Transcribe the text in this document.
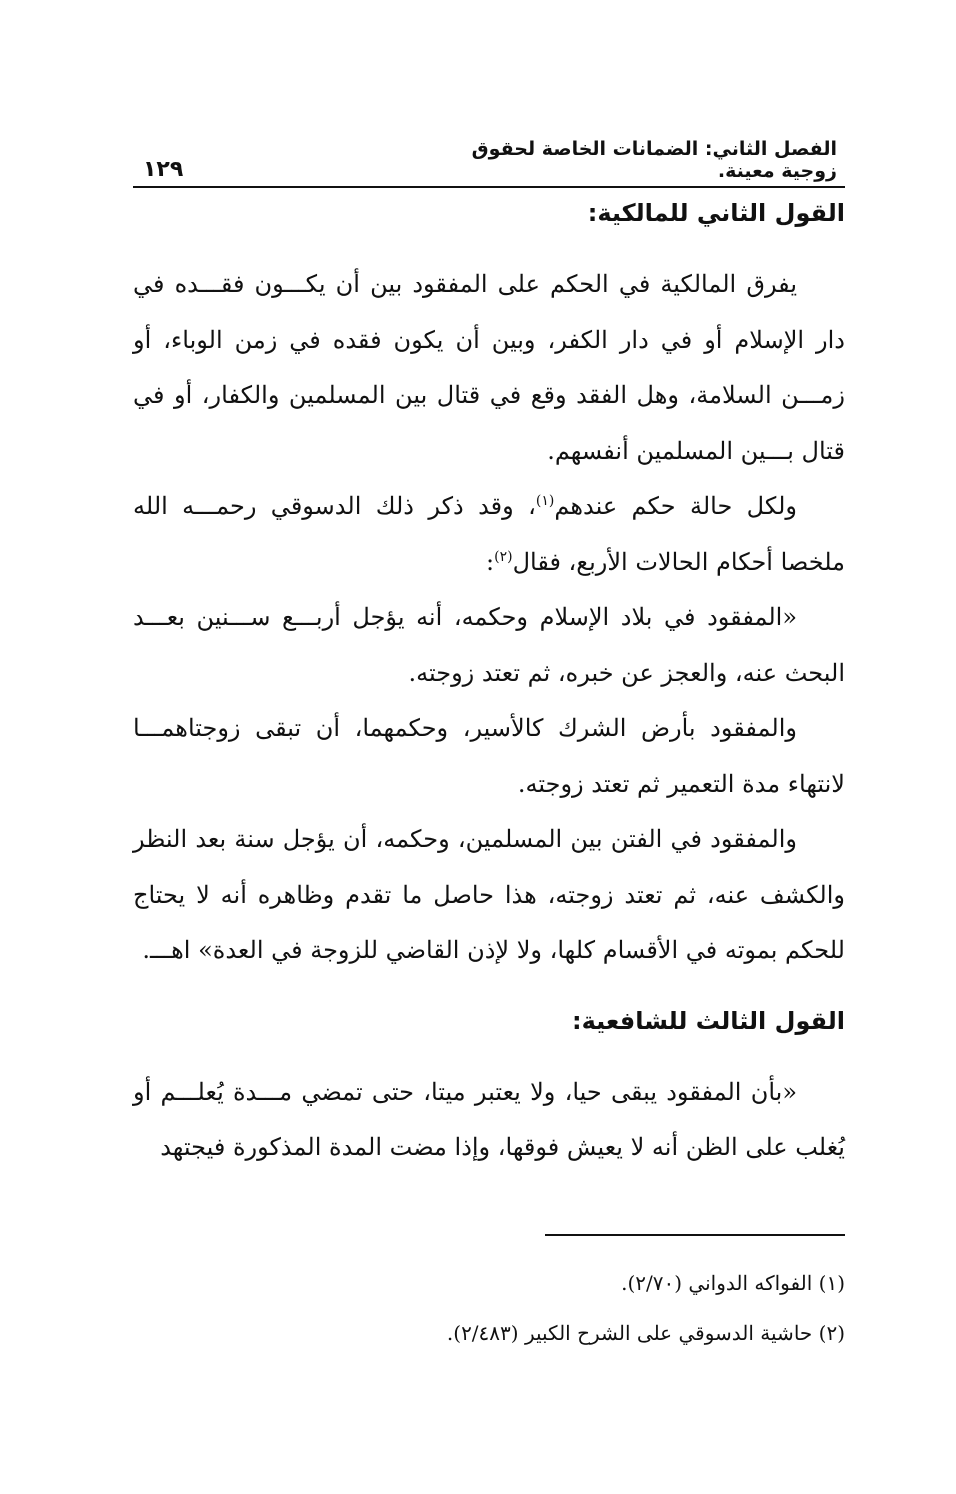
الفصل الثاني: الضمانات الخاصة لحقوق زوجية معينة.
١٢٩
القول الثاني للمالكية:

يفرق المالكية في الحكم على المفقود بين أن يكـــون فقـــده في دار الإسلام أو في دار الكفر، وبين أن يكون فقده في زمن الوباء، أو زمـــن السلامة، وهل الفقد وقع في قتال بين المسلمين والكفار، أو في قتال بـــين المسلمين أنفسهم.

ولكل حالة حكم عندهم$^{(١)}$، وقد ذكر ذلك الدسوقي رحمـــه الله ملخصا أحكام الحالات الأربع، فقال$^{(٢)}$:

«المفقود في بلاد الإسلام وحكمه، أنه يؤجل أربـــع ســـنين بعـــد البحث عنه، والعجز عن خبره، ثم تعتد زوجته.

والمفقود بأرض الشرك كالأسير، وحكمهما، أن تبقى زوجتاهمـــا لانتهاء مدة التعمير ثم تعتد زوجته.

والمفقود في الفتن بين المسلمين، وحكمه، أن يؤجل سنة بعد النظر والكشف عنه، ثم تعتد زوجته، هذا حاصل ما تقدم وظاهره أنه لا يحتاج للحكم بموته في الأقسام كلها، ولا لإذن القاضي للزوجة في العدة» اهـــ.

القول الثالث للشافعية:

«بأن المفقود يبقى حيا، ولا يعتبر ميتا، حتى تمضي مـــدة يُعلـــم أو يُغلب على الظن أنه لا يعيش فوقها، وإذا مضت المدة المذكورة فيجتهد

(١) الفواكه الدواني (٢/٧٠).

(٢) حاشية الدسوقي على الشرح الكبير (٢/٤٨٣).
